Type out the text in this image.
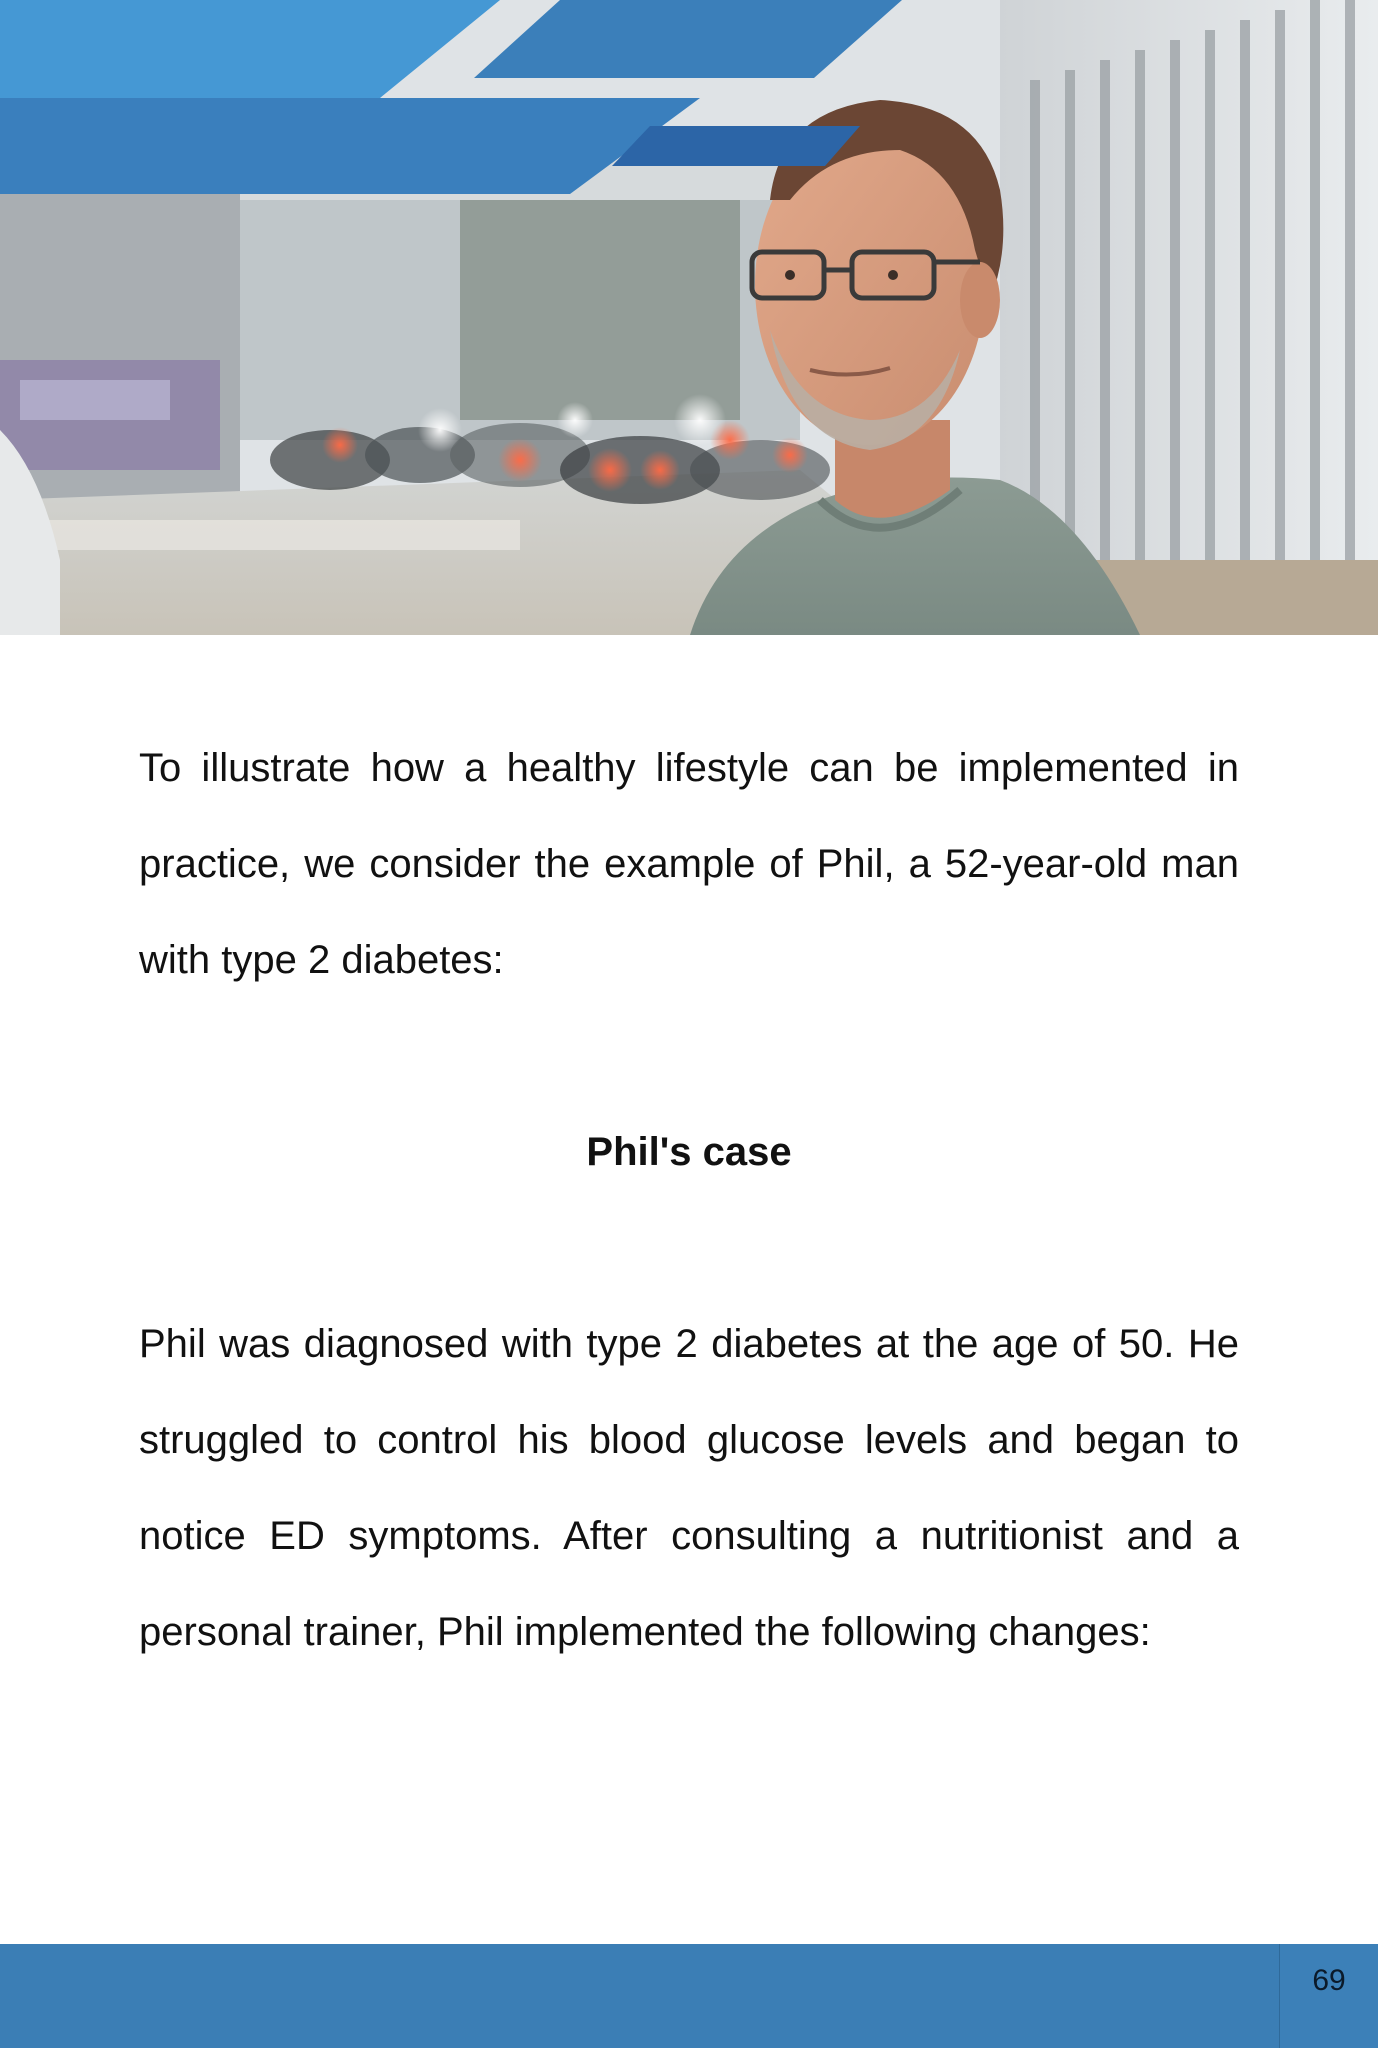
To illustrate how a healthy lifestyle can be implemented in practice, we consider the example of Phil, a 52-year-old man with type 2 diabetes:

Phil's case

Phil was diagnosed with type 2 diabetes at the age of 50. He struggled to control his blood glucose levels and began to notice ED symptoms. After consulting a nutritionist and a personal trainer, Phil implemented the following changes:

69
